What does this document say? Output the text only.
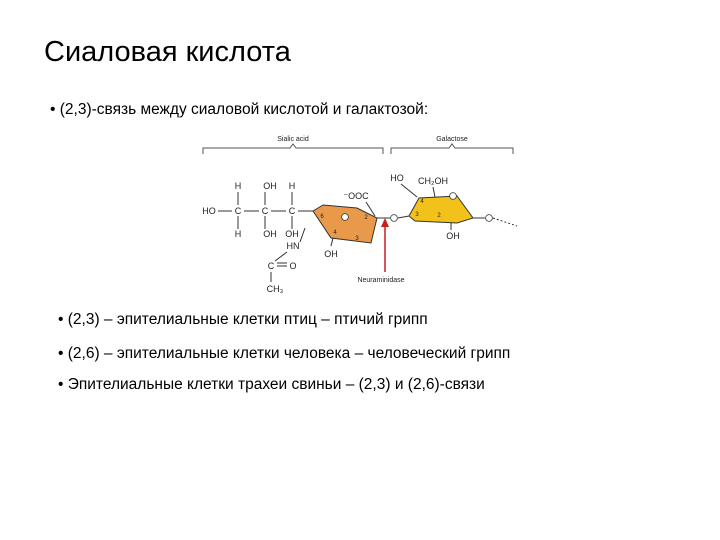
Сиаловая кислота
• (2,3)-связь между сиаловой кислотой и галактозой:
Sialic acid	Galactose
H OH H
HO C C C
H OH OH
HN
C O
CH₃
6
4
3
2
⁻OOC
OH
Neuraminidase
4
3	2
HO CH₂OH
OH
• (2,3) – эпителиальные клетки птиц – птичий грипп
• (2,6) – эпителиальные клетки человека – человеческий грипп
• Эпителиальные клетки трахеи свиньи – (2,3) и (2,6)-связи
